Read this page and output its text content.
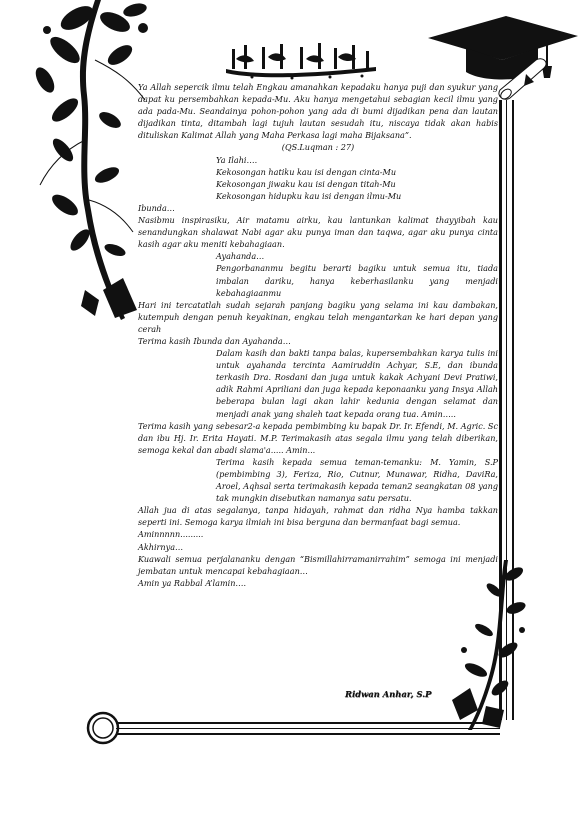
Ya Allah sepercik ilmu telah Engkau amanahkan kepadaku hanya puji dan syukur yang dapat ku persembahkan kepada-Mu. Aku hanya mengetahui sebagian kecil ilmu yang ada pada-Mu. Seandainya pohon-pohon yang ada di bumi dijadikan pena dan lautan dijadikan tinta, ditambah lagi tujuh lautan sesudah itu, niscaya tidak akan habis dituliskan Kalimat Allah yang Maha Perkasa lagi maha Bijaksana”.

(QS.Luqman : 27)

Ya Ilahi….

Kekosongan hatiku kau isi dengan cinta-Mu

Kekosongan jiwaku kau isi dengan titah-Mu

Kekosongan hidupku kau isi dengan ilmu-Mu

Ibunda…

Nasibmu inspirasiku, Air matamu airku, kau lantunkan kalimat thayyibah kau senandungkan shalawat Nabi agar aku punya iman dan taqwa, agar aku punya cinta kasih agar aku meniti kebahagiaan.

Ayahanda…

Pengorbananmu begitu berarti bagiku untuk semua itu, tiada imbalan dariku, hanya keberhasilanku yang menjadi kebahagiaanmu

Hari ini tercatatlah sudah sejarah panjang bagiku yang selama ini kau dambakan, kutempuh dengan penuh keyakinan, engkau telah mengantarkan ke hari depan yang cerah

Terima kasih Ibunda dan Ayahanda…

Dalam kasih dan bakti tanpa balas, kupersembahkan karya tulis ini untuk ayahanda tercinta Aamiruddin Achyar, S.E, dan ibunda terkasih Dra. Rosdani dan juga untuk kakak Achyani Devi Pratiwi, adik Rahmi Apriliani dan juga kepada keponaanku yang Insya Allah beberapa bulan lagi akan lahir kedunia dengan selamat dan menjadi anak yang shaleh taat kepada orang tua. Amin…..

Terima kasih yang sebesar2-a kepada pembimbing ku bapak Dr. Ir. Efendi, M. Agric. Sc dan ibu Hj. Ir. Erita Hayati. M.P. Terimakasih atas segala ilmu yang telah diberikan, semoga kekal dan abadi slama'a..... Amin...

Terima kasih kepada semua teman-temanku: M. Yamin, S.P (pembimbing 3), Feriza, Rio, Cutnur, Munawar, Ridha, DaviRa, Aroel, Aqhsal serta terimakasih kepada teman2 seangkatan 08 yang tak mungkin disebutkan namanya satu persatu.

Allah jua di atas segalanya, tanpa hidayah, rahmat dan ridha Nya hamba takkan seperti ini. Semoga karya ilmiah ini bisa berguna dan bermanfaat bagi semua.

Aminnnnn.........

Akhirnya…

Kuawali semua perjalananku dengan “Bismillahirramanirrahim” semoga ini menjadi jembatan untuk mencapai kebahagiaan…

Amin ya Rabbal A’lamin….

Ridwan Anhar, S.P
